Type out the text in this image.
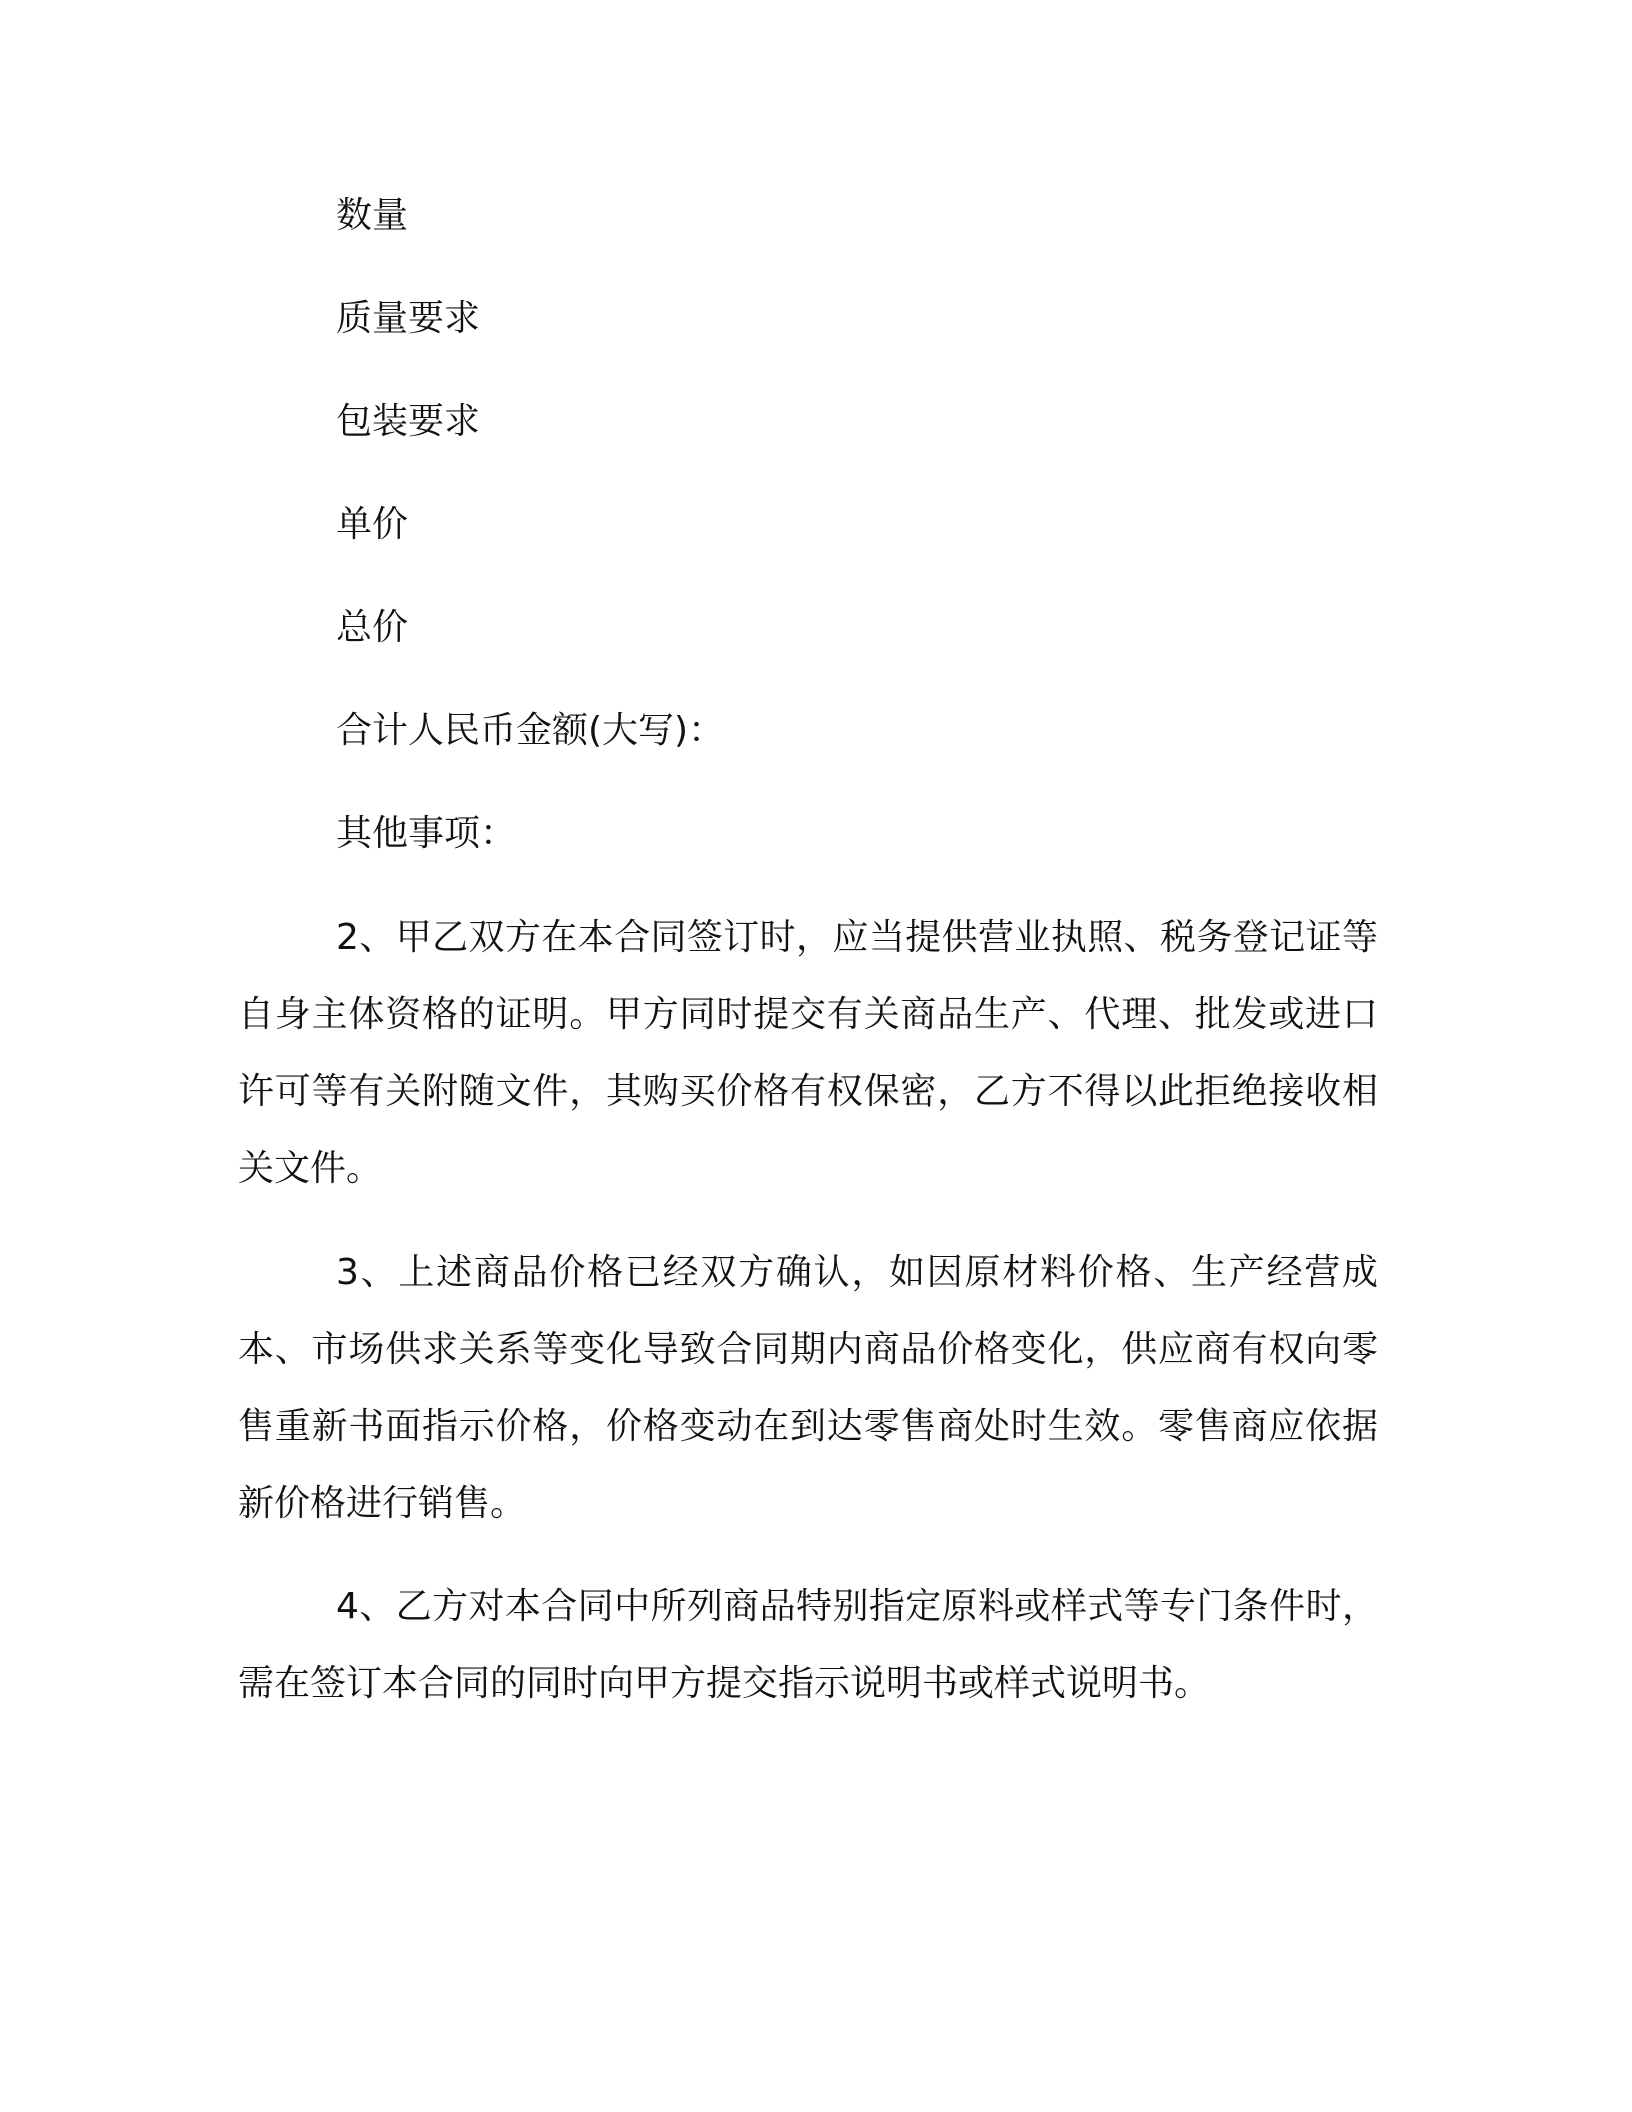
数量

质量要求

包装要求

单价

总价

合计人民币金额(大写)：

其他事项：

2、甲乙双方在本合同签订时，应当提供营业执照、税务登记证等自身主体资格的证明。甲方同时提交有关商品生产、代理、批发或进口许可等有关附随文件，其购买价格有权保密，乙方不得以此拒绝接收相关文件。

3、上述商品价格已经双方确认，如因原材料价格、生产经营成本、市场供求关系等变化导致合同期内商品价格变化，供应商有权向零售重新书面指示价格，价格变动在到达零售商处时生效。零售商应依据新价格进行销售。

4、乙方对本合同中所列商品特别指定原料或样式等专门条件时，需在签订本合同的同时向甲方提交指示说明书或样式说明书。
